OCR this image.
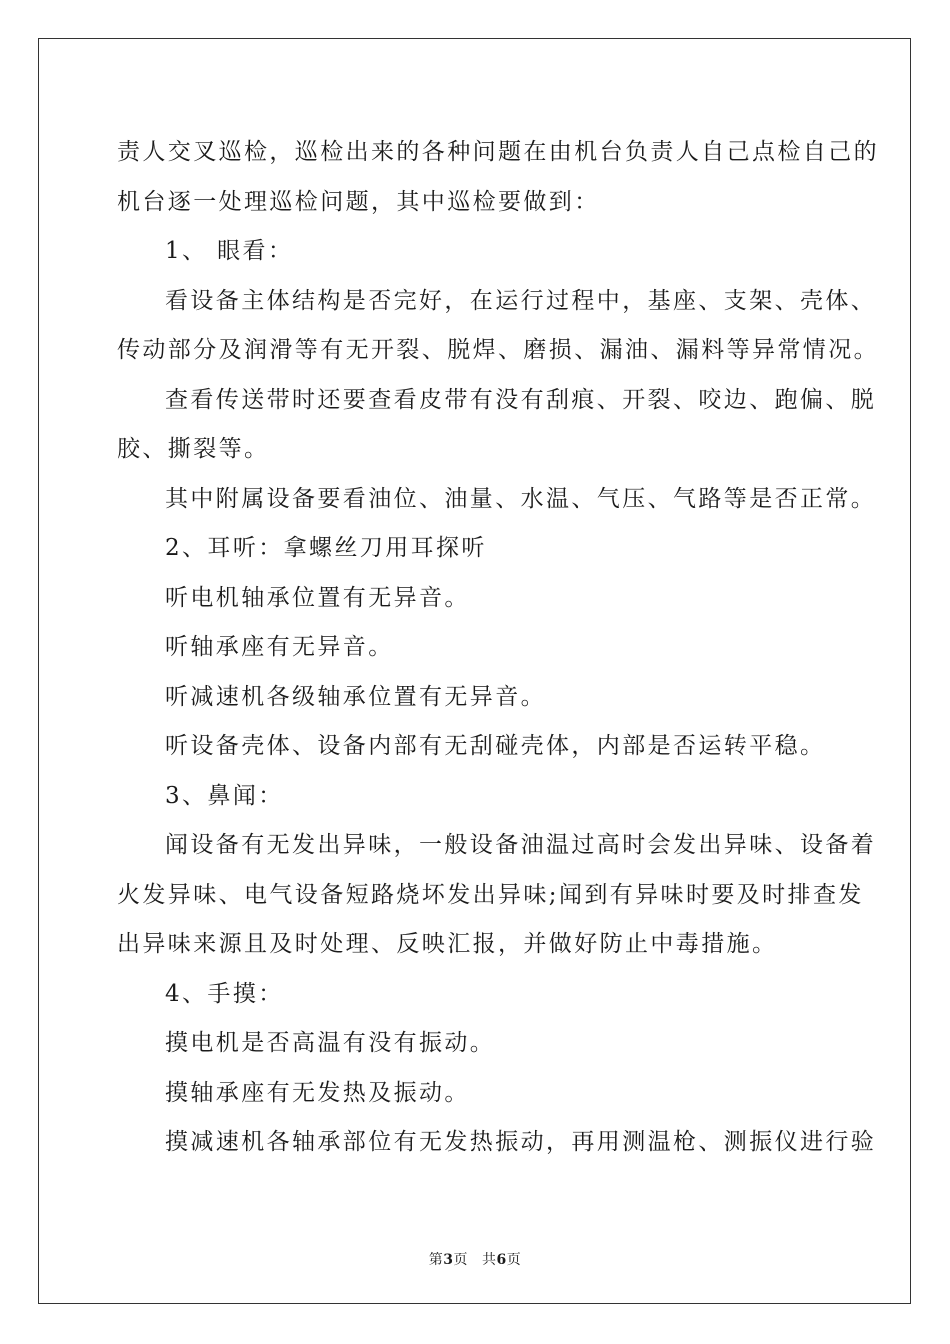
责人交叉巡检，巡检出来的各种问题在由机台负责人自己点检自己的
机台逐一处理巡检问题，其中巡检要做到：
1、 眼看：
看设备主体结构是否完好，在运行过程中，基座、支架、壳体、
传动部分及润滑等有无开裂、脱焊、磨损、漏油、漏料等异常情况。
查看传送带时还要查看皮带有没有刮痕、开裂、咬边、跑偏、脱
胶、撕裂等。
其中附属设备要看油位、油量、水温、气压、气路等是否正常。
2、耳听：拿螺丝刀用耳探听
听电机轴承位置有无异音。
听轴承座有无异音。
听减速机各级轴承位置有无异音。
听设备壳体、设备内部有无刮碰壳体，内部是否运转平稳。
3、鼻闻：
闻设备有无发出异味，一般设备油温过高时会发出异味、设备着
火发异味、电气设备短路烧坏发出异味;闻到有异味时要及时排查发
出异味来源且及时处理、反映汇报，并做好防止中毒措施。
4、手摸：
摸电机是否高温有没有振动。
摸轴承座有无发热及振动。
摸减速机各轴承部位有无发热振动，再用测温枪、测振仪进行验
第3页 共6页
